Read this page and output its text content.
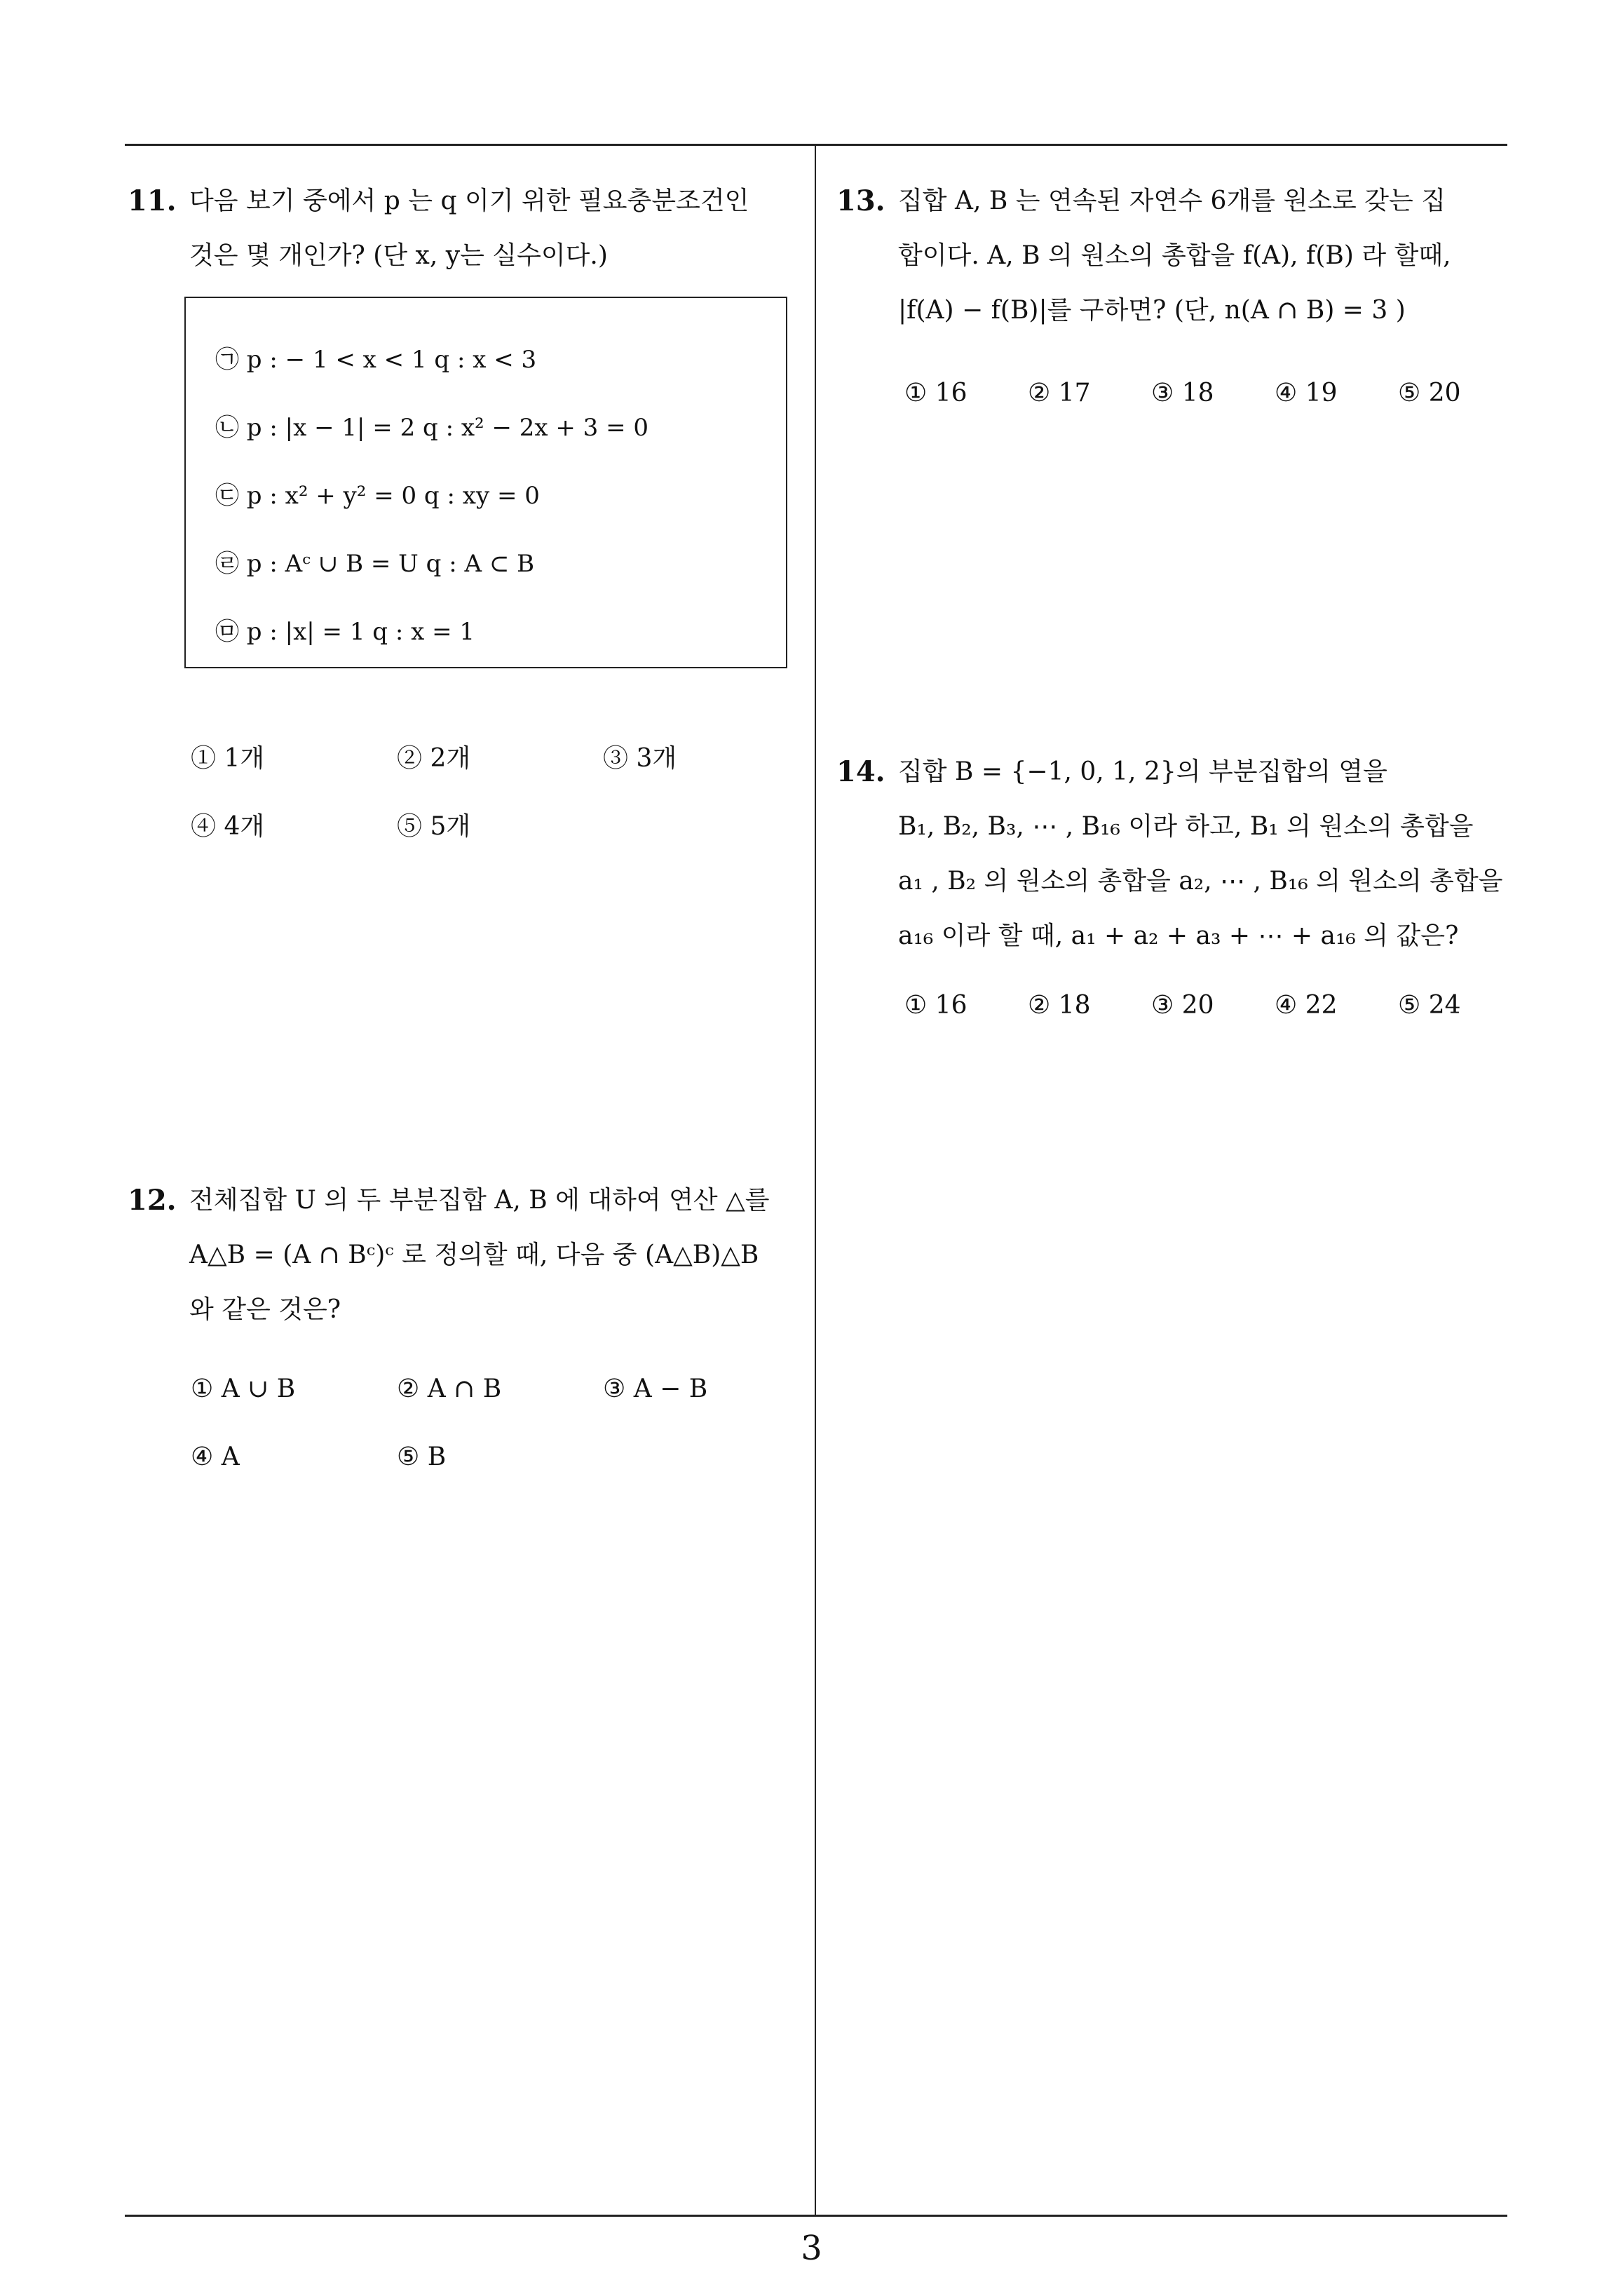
11. 다음 보기 중에서 p 는 q 이기 위한 필요충분조건인
것은 몇 개인가? (단 x, y는 실수이다.)
㉠ p : − 1 < x < 1 q : x < 3
㉡ p : |x − 1| = 2 q : x² − 2x + 3 = 0
㉢ p : x² + y² = 0 q : xy = 0
㉣ p : Aᶜ ∪ B = U q : A ⊂ B
㉤ p : |x| = 1 q : x = 1
① 1개	② 2개	③ 3개
④ 4개	⑤ 5개
12. 전체집합 U 의 두 부분집합 A, B 에 대하여 연산 △를
A△B = (A ∩ Bᶜ)ᶜ 로 정의할 때, 다음 중 (A△B)△B
와 같은 것은?
① A ∪ B	② A ∩ B	③ A − B
④ A	⑤ B
13. 집합 A, B 는 연속된 자연수 6개를 원소로 갖는 집
합이다. A, B 의 원소의 총합을 f(A), f(B) 라 할때,
|f(A) − f(B)|를 구하면? (단, n(A ∩ B) = 3 )
① 16 ② 17 ③ 18 ④ 19 ⑤ 20
14. 집합 B = {−1, 0, 1, 2}의 부분집합의 열을
B₁, B₂, B₃, ⋯ , B₁₆ 이라 하고, B₁ 의 원소의 총합을
a₁ , B₂ 의 원소의 총합을 a₂, ⋯ , B₁₆ 의 원소의 총합을
a₁₆ 이라 할 때, a₁ + a₂ + a₃ + ⋯ + a₁₆ 의 값은?
① 16 ② 18 ③ 20 ④ 22 ⑤ 24
3
